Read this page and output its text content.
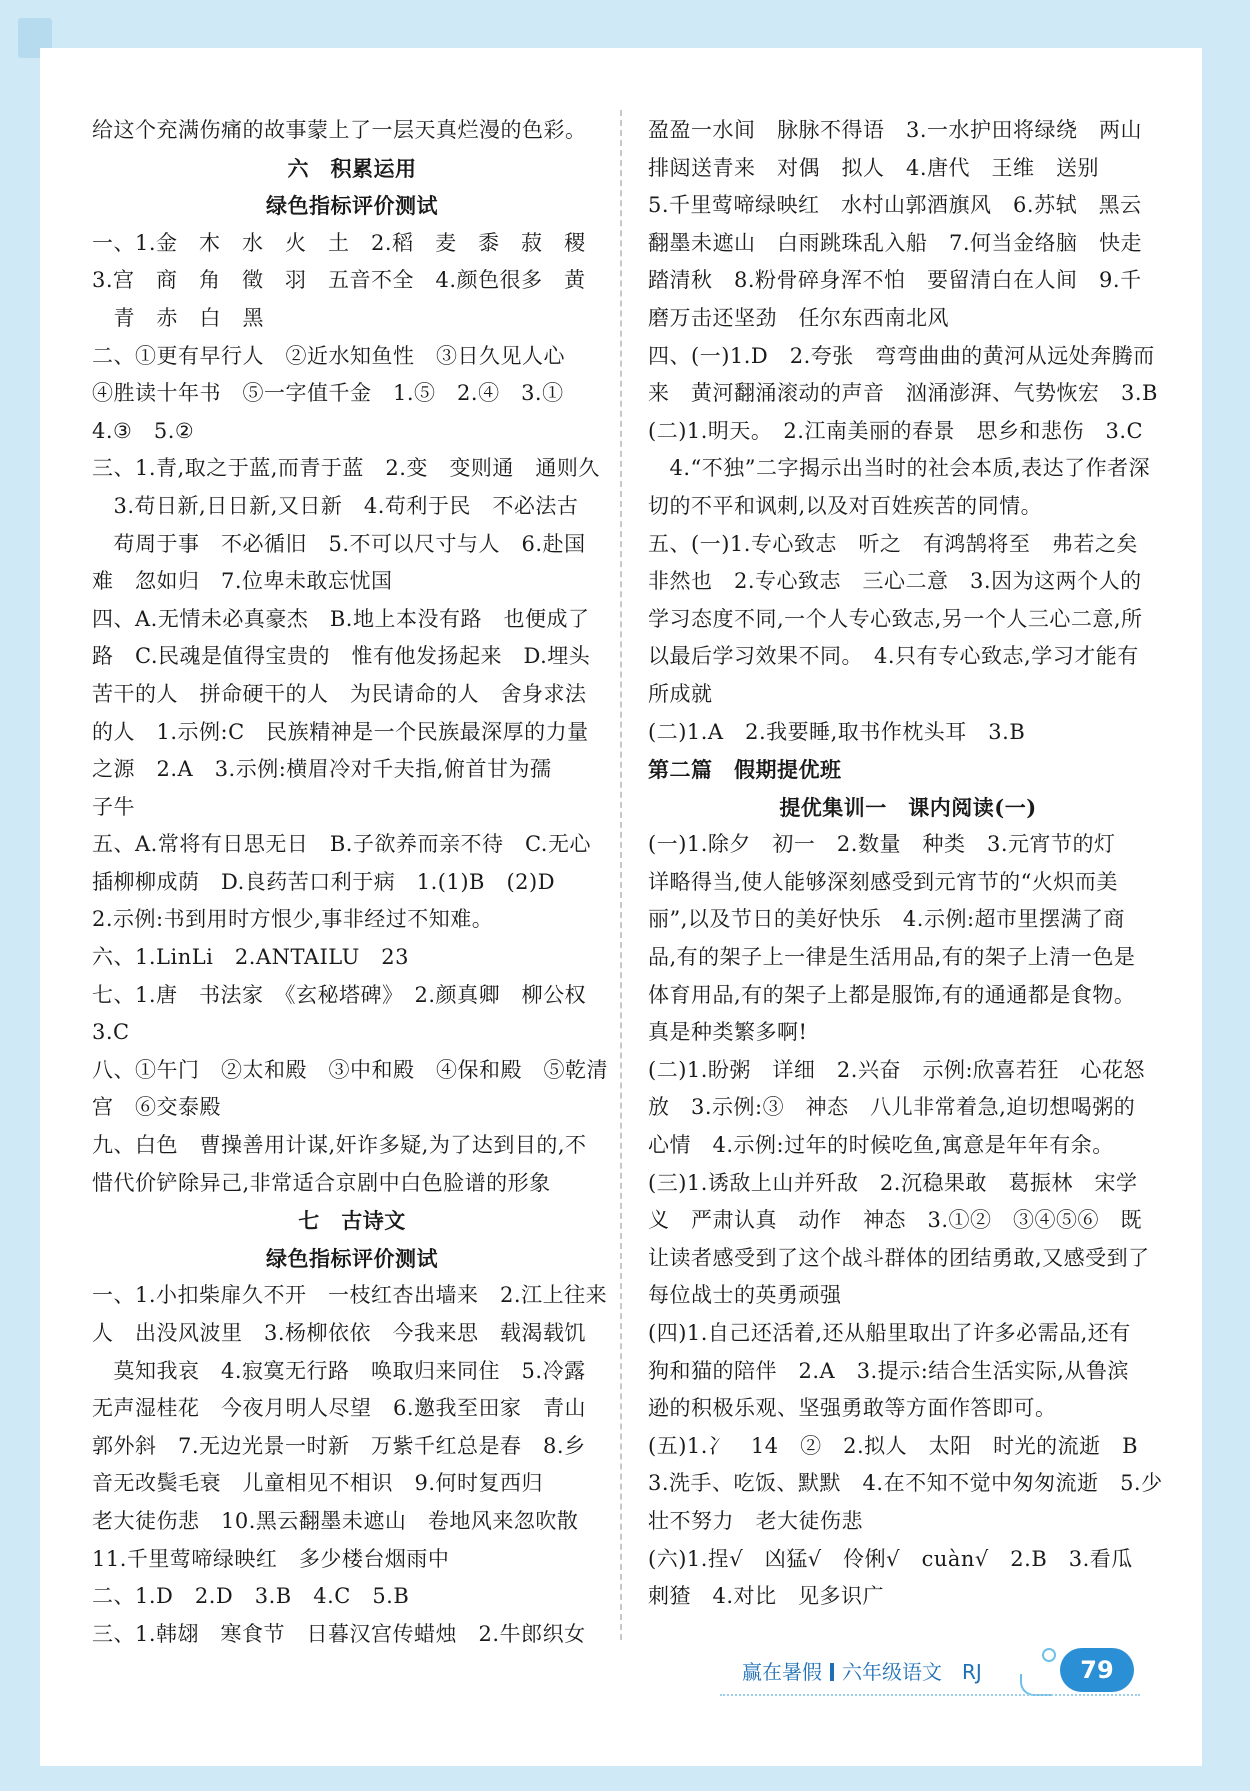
给这个充满伤痛的故事蒙上了一层天真烂漫的色彩。
六　积累运用
绿色指标评价测试
一、1.金　木　水　火　土　2.稻　麦　黍　菽　稷
3.宫　商　角　徵　羽　五音不全　4.颜色很多　黄
　青　赤　白　黑
二、①更有早行人　②近水知鱼性　③日久见人心
④胜读十年书　⑤一字值千金　1.⑤　2.④　3.①
4.③　5.②
三、1.青,取之于蓝,而青于蓝　2.变　变则通　通则久
　3.苟日新,日日新,又日新　4.苟利于民　不必法古
　苟周于事　不必循旧　5.不可以尺寸与人　6.赴国
难　忽如归　7.位卑未敢忘忧国
四、A.无情未必真豪杰　B.地上本没有路　也便成了
路　C.民魂是值得宝贵的　惟有他发扬起来　D.埋头
苦干的人　拼命硬干的人　为民请命的人　舍身求法
的人　1.示例:C　民族精神是一个民族最深厚的力量
之源　2.A　3.示例:横眉冷对千夫指,俯首甘为孺
子牛
五、A.常将有日思无日　B.子欲养而亲不待　C.无心
插柳柳成荫　D.良药苦口利于病　1.(1)B　(2)D
2.示例:书到用时方恨少,事非经过不知难。
六、1.LinLi　2.ANTAILU　23
七、1.唐　书法家　《玄秘塔碑》　2.颜真卿　柳公权
3.C
八、①午门　②太和殿　③中和殿　④保和殿　⑤乾清
宫　⑥交泰殿
九、白色　曹操善用计谋,奸诈多疑,为了达到目的,不
惜代价铲除异己,非常适合京剧中白色脸谱的形象
七　古诗文
绿色指标评价测试
一、1.小扣柴扉久不开　一枝红杏出墙来　2.江上往来
人　出没风波里　3.杨柳依依　今我来思　载渴载饥
　莫知我哀　4.寂寞无行路　唤取归来同住　5.冷露
无声湿桂花　今夜月明人尽望　6.邀我至田家　青山
郭外斜　7.无边光景一时新　万紫千红总是春　8.乡
音无改鬓毛衰　儿童相见不相识　9.何时复西归
老大徒伤悲　10.黑云翻墨未遮山　卷地风来忽吹散
11.千里莺啼绿映红　多少楼台烟雨中
二、1.D　2.D　3.B　4.C　5.B
三、1.韩翃　寒食节　日暮汉宫传蜡烛　2.牛郎织女
盈盈一水间　脉脉不得语　3.一水护田将绿绕　两山
排闼送青来　对偶　拟人　4.唐代　王维　送别
5.千里莺啼绿映红　水村山郭酒旗风　6.苏轼　黑云
翻墨未遮山　白雨跳珠乱入船　7.何当金络脑　快走
踏清秋　8.粉骨碎身浑不怕　要留清白在人间　9.千
磨万击还坚劲　任尔东西南北风
四、(一)1.D　2.夸张　弯弯曲曲的黄河从远处奔腾而
来　黄河翻涌滚动的声音　汹涌澎湃、气势恢宏　3.B
(二)1.明天。　2.江南美丽的春景　思乡和悲伤　3.C
　4.“不独”二字揭示出当时的社会本质,表达了作者深
切的不平和讽刺,以及对百姓疾苦的同情。
五、(一)1.专心致志　听之　有鸿鹄将至　弗若之矣
非然也　2.专心致志　三心二意　3.因为这两个人的
学习态度不同,一个人专心致志,另一个人三心二意,所
以最后学习效果不同。　4.只有专心致志,学习才能有
所成就
(二)1.A　2.我要睡,取书作枕头耳　3.B
第二篇　假期提优班
提优集训一　课内阅读(一)
(一)1.除夕　初一　2.数量　种类　3.元宵节的灯
详略得当,使人能够深刻感受到元宵节的“火炽而美
丽”,以及节日的美好快乐　4.示例:超市里摆满了商
品,有的架子上一律是生活用品,有的架子上清一色是
体育用品,有的架子上都是服饰,有的通通都是食物。
真是种类繁多啊!
(二)1.盼粥　详细　2.兴奋　示例:欣喜若狂　心花怒
放　3.示例:③　神态　八儿非常着急,迫切想喝粥的
心情　4.示例:过年的时候吃鱼,寓意是年年有余。
(三)1.诱敌上山并歼敌　2.沉稳果敢　葛振林　宋学
义　严肃认真　动作　神态　3.①②　③④⑤⑥　既
让读者感受到了这个战斗群体的团结勇敢,又感受到了
每位战士的英勇顽强
(四)1.自己还活着,还从船里取出了许多必需品,还有
狗和猫的陪伴　2.A　3.提示:结合生活实际,从鲁滨
逊的积极乐观、坚强勇敢等方面作答即可。
(五)1.冫　14　②　2.拟人　太阳　时光的流逝　B
3.洗手、吃饭、默默　4.在不知不觉中匆匆流逝　5.少
壮不努力　老大徒伤悲
(六)1.挰√　凶猛√　伶俐√　cuàn√　2.B　3.看瓜
刺猹　4.对比　见多识广
赢在暑假 六年级语文　 RJ	79
